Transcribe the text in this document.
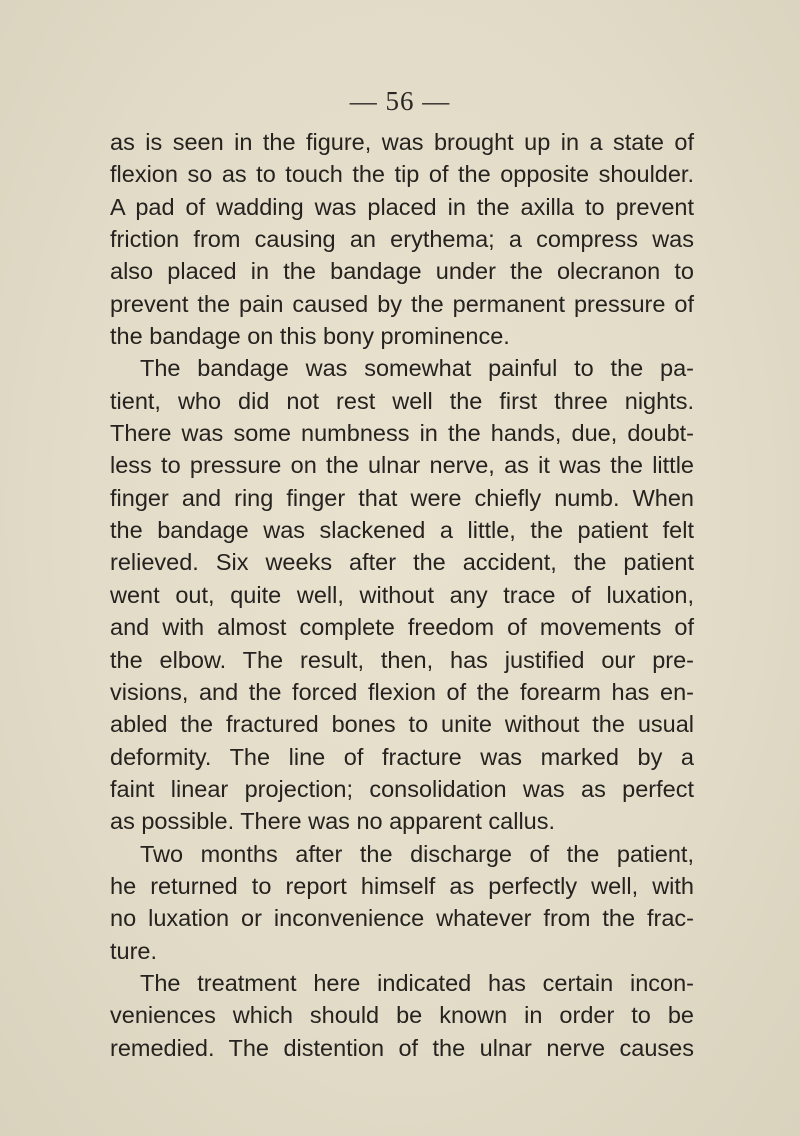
— 56 —
as is seen in the figure, was brought up in a state of
flexion so as to touch the tip of the opposite shoulder.
A pad of wadding was placed in the axilla to prevent
friction from causing an erythema; a compress was
also placed in the bandage under the olecranon to
prevent the pain caused by the permanent pressure of
the bandage on this bony prominence.
The bandage was somewhat painful to the pa-
tient, who did not rest well the first three nights.
There was some numbness in the hands, due, doubt-
less to pressure on the ulnar nerve, as it was the little
finger and ring finger that were chiefly numb. When
the bandage was slackened a little, the patient felt
relieved. Six weeks after the accident, the patient
went out, quite well, without any trace of luxation,
and with almost complete freedom of movements of
the elbow. The result, then, has justified our pre-
visions, and the forced flexion of the forearm has en-
abled the fractured bones to unite without the usual
deformity. The line of fracture was marked by a
faint linear projection; consolidation was as perfect
as possible. There was no apparent callus.
Two months after the discharge of the patient,
he returned to report himself as perfectly well, with
no luxation or inconvenience whatever from the frac-
ture.
The treatment here indicated has certain incon-
veniences which should be known in order to be
remedied. The distention of the ulnar nerve causes
